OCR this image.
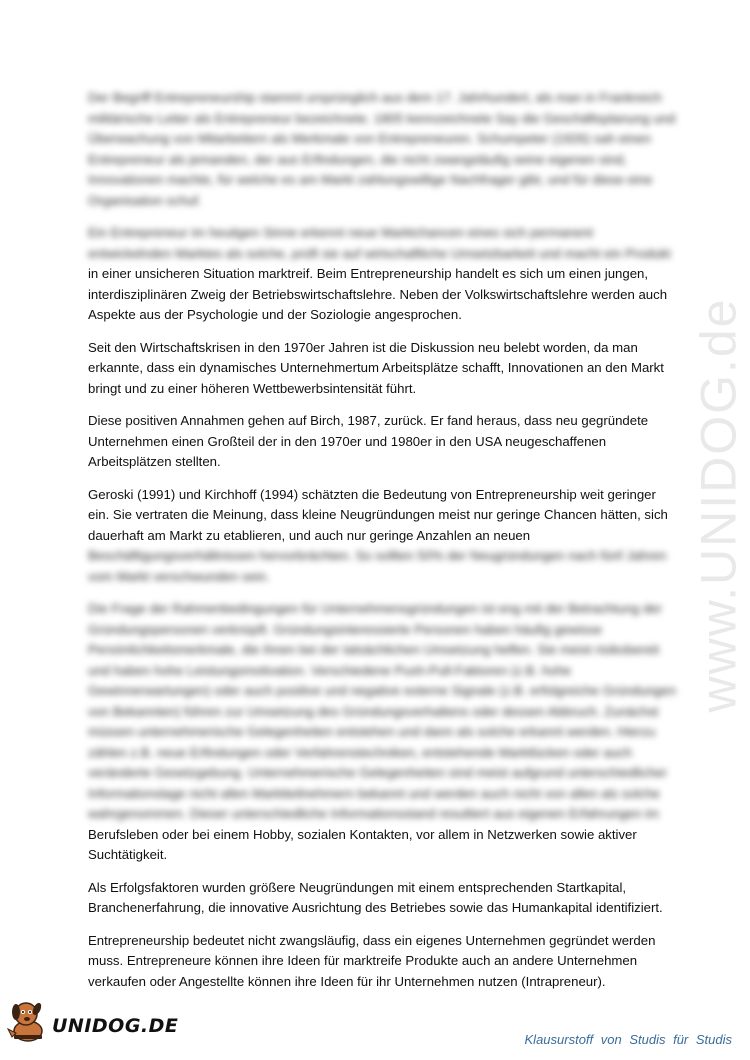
Der Begriff Entrepreneurship stammt ursprünglich aus dem 17. Jahrhundert, als man in Frankreich
militärische Leiter als Entrepreneur bezeichnete. 1805 kennzeichnete Say die Geschäftsplanung und
Überwachung von Mitarbeitern als Merkmale von Entrepreneuren. Schumpeter (1926) sah einen
Entrepreneur als jemanden, der aus Erfindungen, die nicht zwangsläufig seine eigenen sind,
Innovationen machte, für welche es am Markt zahlungswillige Nachfrager gibt, und für diese eine
Organisation schuf.

Ein Entrepreneur im heutigen Sinne erkennt neue Marktchancen eines sich permanent
entwickelnden Marktes als solche, prüft sie auf wirtschaftliche Umsetzbarkeit und macht ein Produkt
in einer unsicheren Situation marktreif. Beim Entrepreneurship handelt es sich um einen jungen,
interdisziplinären Zweig der Betriebswirtschaftslehre. Neben der Volkswirtschaftslehre werden auch
Aspekte aus der Psychologie und der Soziologie angesprochen.

Seit den Wirtschaftskrisen in den 1970er Jahren ist die Diskussion neu belebt worden, da man
erkannte, dass ein dynamisches Unternehmertum Arbeitsplätze schafft, Innovationen an den Markt
bringt und zu einer höheren Wettbewerbsintensität führt.

Diese positiven Annahmen gehen auf Birch, 1987, zurück. Er fand heraus, dass neu gegründete
Unternehmen einen Großteil der in den 1970er und 1980er in den USA neugeschaffenen
Arbeitsplätzen stellten.

Geroski (1991) und Kirchhoff (1994) schätzten die Bedeutung von Entrepreneurship weit geringer
ein. Sie vertraten die Meinung, dass kleine Neugründungen meist nur geringe Chancen hätten, sich
dauerhaft am Markt zu etablieren, und auch nur geringe Anzahlen an neuen
Beschäftigungsverhältnissen hervorbrächten. So sollten 50% der Neugründungen nach fünf Jahren
vom Markt verschwunden sein.

Die Frage der Rahmenbedingungen für Unternehmensgründungen ist eng mit der Betrachtung der
Gründungspersonen verknüpft. Gründungsinteressierte Personen haben häufig gewisse
Persönlichkeitsmerkmale, die ihnen bei der tatsächlichen Umsetzung helfen. Sie meist risikobereit
und haben hohe Leistungsmotivation. Verschiedene Push-Pull-Faktoren (z.B. hohe
Gewinnerwartungen) oder auch positive und negative externe Signale (z.B. erfolgreiche Gründungen
von Bekannten) führen zur Umsetzung des Gründungsverhaltens oder dessen Abbruch. Zunächst
müssen unternehmerische Gelegenheiten entstehen und dann als solche erkannt werden. Hierzu
zählen z.B. neue Erfindungen oder Verfahrenstechniken, entstehende Marktlücken oder auch
veränderte Gesetzgebung. Unternehmerische Gelegenheiten sind meist aufgrund unterschiedlicher
Informationslage nicht allen Marktteilnehmern bekannt und werden auch nicht von allen als solche
wahrgenommen. Dieser unterschiedliche Informationsstand resultiert aus eigenen Erfahrungen im
Berufsleben oder bei einem Hobby, sozialen Kontakten, vor allem in Netzwerken sowie aktiver
Suchtätigkeit.

Als Erfolgsfaktoren wurden größere Neugründungen mit einem entsprechenden Startkapital,
Branchenerfahrung, die innovative Ausrichtung des Betriebes sowie das Humankapital identifiziert.

Entrepreneurship bedeutet nicht zwangsläufig, dass ein eigenes Unternehmen gegründet werden
muss. Entrepreneure können ihre Ideen für marktreife Produkte auch an andere Unternehmen
verkaufen oder Angestellte können ihre Ideen für ihr Unternehmen nutzen (Intrapreneur).

www.UNIDOG.de
UNIDOG.DE
Klausurstoff von Studis für Studis
